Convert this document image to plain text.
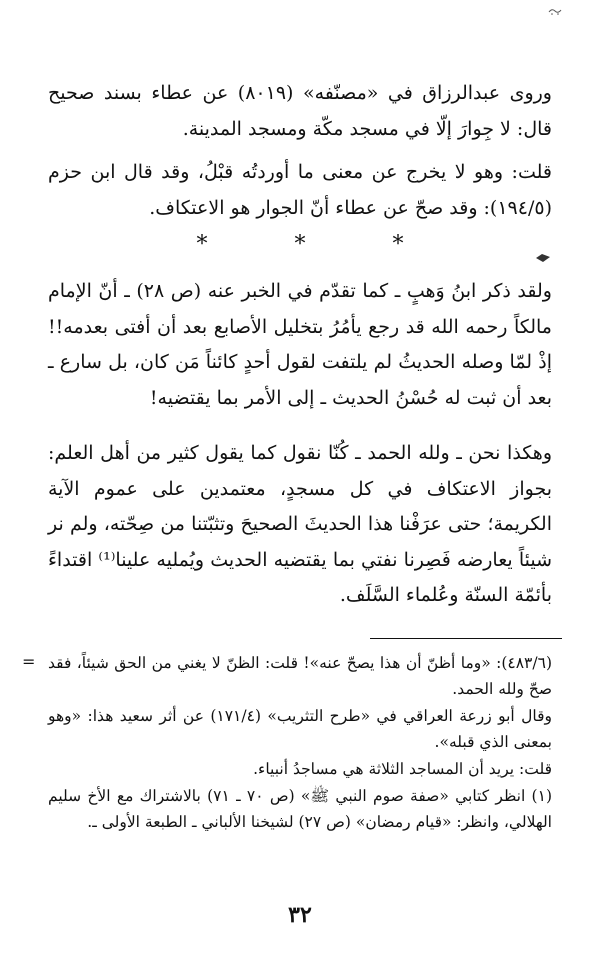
وروى عبدالرزاق في «مصنّفه» (٨٠١٩) عن عطاء بسند صحيح قال: لا جِوارَ إلّا في مسجد مكّة ومسجد المدينة.

قلت: وهو لا يخرج عن معنى ما أوردتُه قبْلُ، وقد قال ابن حزم (١٩٤/٥): وقد صحّ عن عطاء أنّ الجوار هو الاعتكاف.

* * *

ولقد ذكر ابنُ وَهبٍ ـ كما تقدّم في الخبر عنه (ص ٢٨) ـ أنّ الإمام مالكاً رحمه الله قد رجع يأمُرُ بتخليل الأصابع بعد أن أفتى بعدمه!! إذْ لمّا وصله الحديثُ لم يلتفت لقول أحدٍ كائناً مَن كان، بل سارع ـ بعد أن ثبت له حُسْنُ الحديث ـ إلى الأمر بما يقتضيه!

وهكذا نحن ـ ولله الحمد ـ كُنّا نقول كما يقول كثير من أهل العلم: بجواز الاعتكاف في كل مسجدٍ، معتمدين على عموم الآية الكريمة؛ حتى عرَفْنا هذا الحديثَ الصحيحَ وتثبّتنا من صِحّته، ولم نر شيئاً يعارضه فَصِرنا نفتي بما يقتضيه الحديث ويُمليه علينا⁽¹⁾ اقتداءً بأئمّة السنّة وعُلماء السَّلَف.

= (٤٨٣/٦): «وما أظنّ أن هذا يصحّ عنه»! قلت: الظنّ لا يغني من الحق شيئاً، فقد صحّ ولله الحمد.

وقال أبو زرعة العراقي في «طرح التثريب» (١٧١/٤) عن أثر سعيد هذا: «وهو بمعنى الذي قبله».

قلت: يريد أن المساجد الثلاثة هي مساجدُ أنبياء.

(١) انظر كتابي «صفة صوم النبي ﷺ» (ص ٧٠ ـ ٧١) بالاشتراك مع الأخ سليم الهلالي، وانظر: «قيام رمضان» (ص ٢٧) لشيخنا الألباني ـ الطبعة الأولى ـ.

٣٢
